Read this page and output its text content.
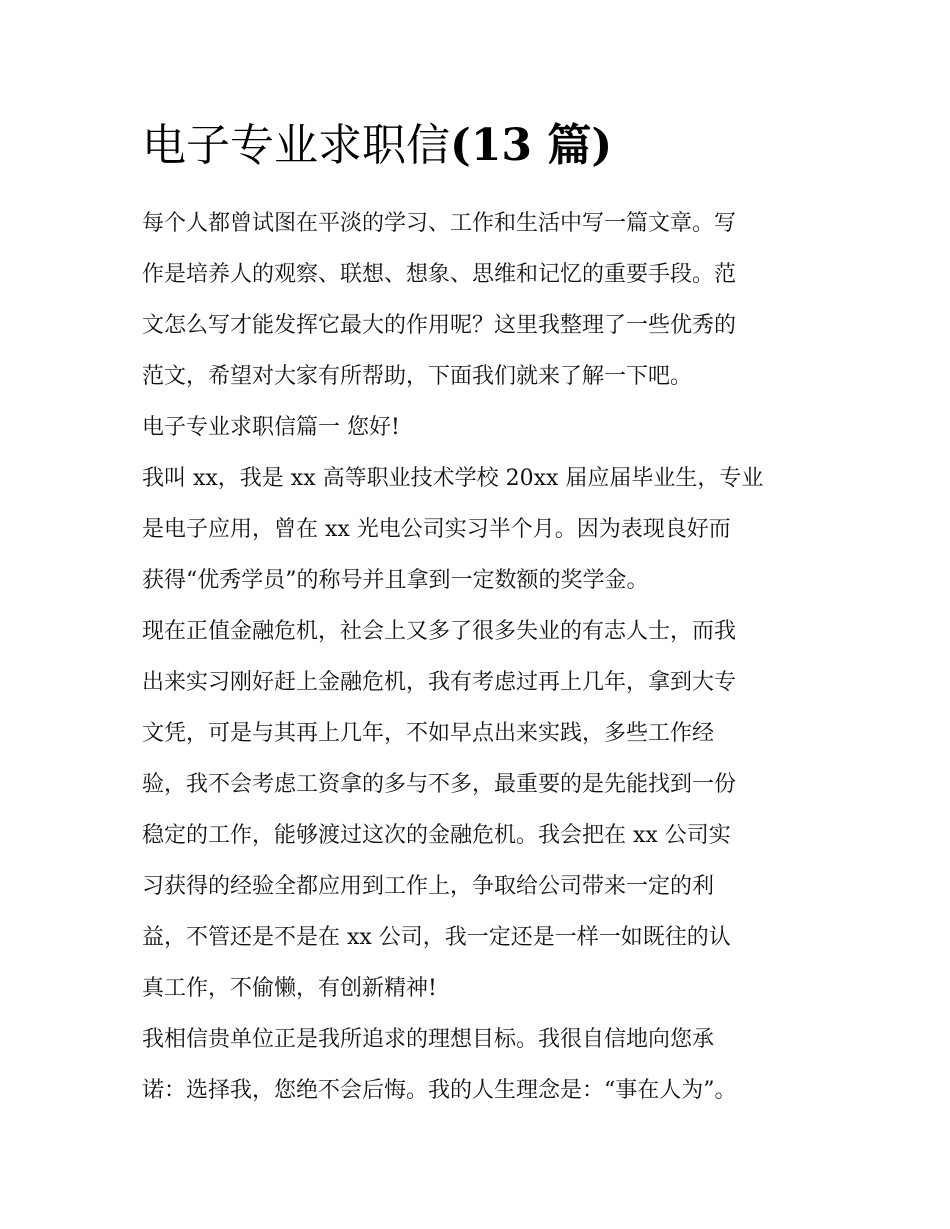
电子专业求职信(13 篇)

每个人都曾试图在平淡的学习、工作和生活中写一篇文章。写

作是培养人的观察、联想、想象、思维和记忆的重要手段。范

文怎么写才能发挥它最大的作用呢？这里我整理了一些优秀的

范文，希望对大家有所帮助，下面我们就来了解一下吧。

电子专业求职信篇一 您好!

我叫 xx，我是 xx 高等职业技术学校 20xx 届应届毕业生，专业

是电子应用，曾在 xx 光电公司实习半个月。因为表现良好而

获得“优秀学员”的称号并且拿到一定数额的奖学金。

现在正值金融危机，社会上又多了很多失业的有志人士，而我

出来实习刚好赶上金融危机，我有考虑过再上几年，拿到大专

文凭，可是与其再上几年，不如早点出来实践，多些工作经

验，我不会考虑工资拿的多与不多，最重要的是先能找到一份

稳定的工作，能够渡过这次的金融危机。我会把在 xx 公司实

习获得的经验全都应用到工作上，争取给公司带来一定的利

益，不管还是不是在 xx 公司，我一定还是一样一如既往的认

真工作，不偷懒，有创新精神!

我相信贵单位正是我所追求的理想目标。我很自信地向您承

诺：选择我，您绝不会后悔。我的人生理念是：“事在人为”。
